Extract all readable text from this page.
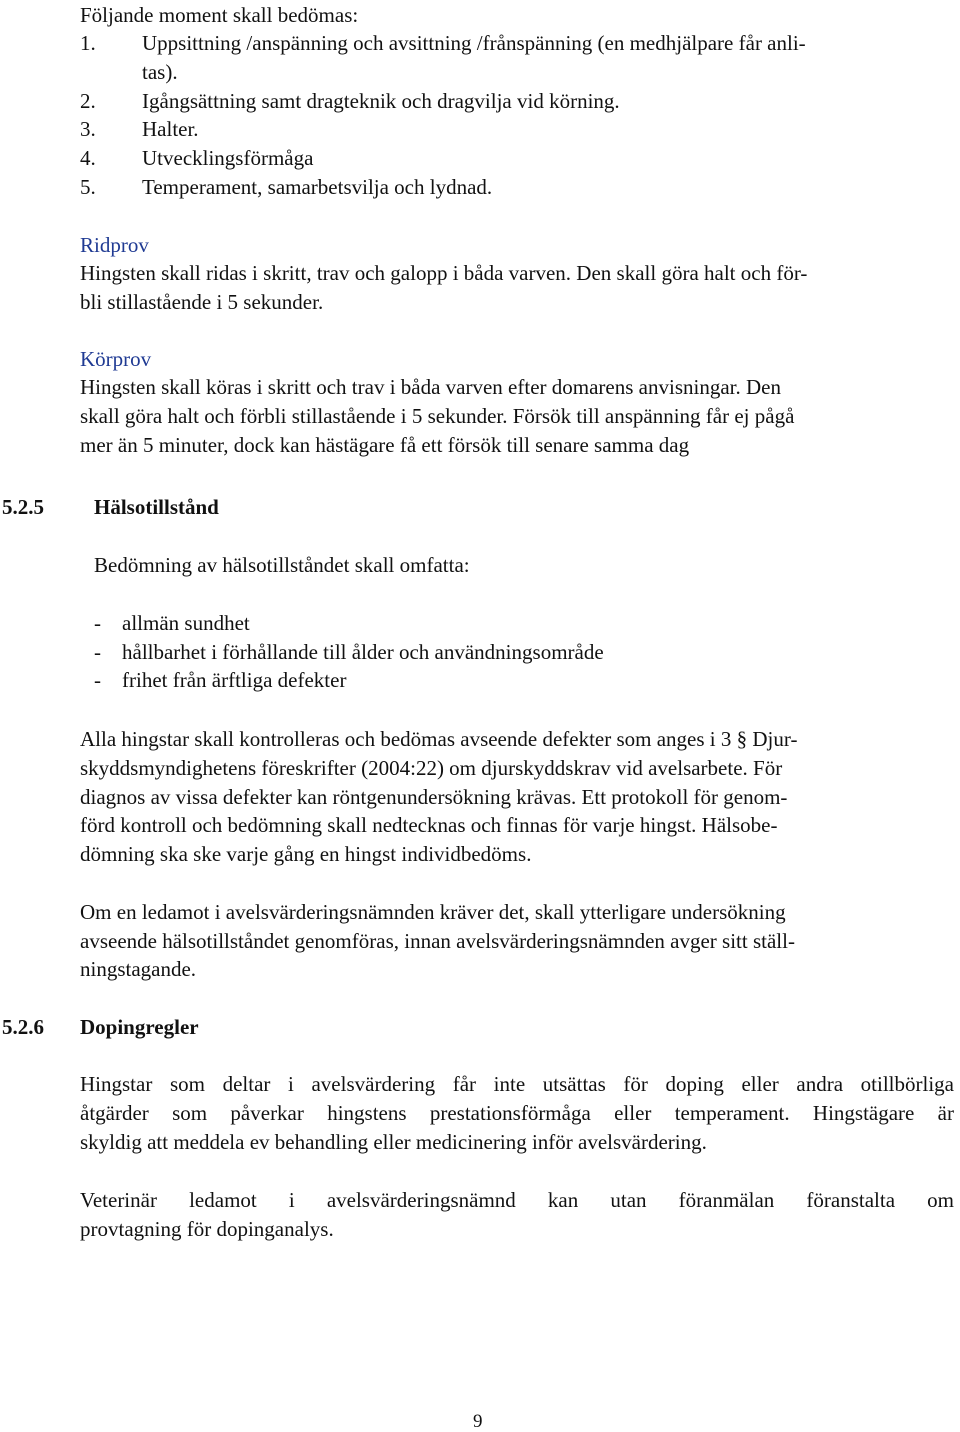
Följande moment skall bedömas:
1. Uppsittning /anspänning och avsittning /frånspänning (en medhjälpare får anli-
tas).
2. Igångsättning samt dragteknik och dragvilja vid körning.
3. Halter.
4. Utvecklingsförmåga
5. Temperament, samarbetsvilja och lydnad.
Ridprov
Hingsten skall ridas i skritt, trav och galopp i båda varven. Den skall göra halt och för-
bli stillastående i 5 sekunder.
Körprov
Hingsten skall köras i skritt och trav i båda varven efter domarens anvisningar. Den
skall göra halt och förbli stillastående i 5 sekunder. Försök till anspänning får ej pågå
mer än 5 minuter, dock kan hästägare få ett försök till senare samma dag
5.2.5 Hälsotillstånd
Bedömning av hälsotillståndet skall omfatta:
- allmän sundhet
- hållbarhet i förhållande till ålder och användningsområde
- frihet från ärftliga defekter
Alla hingstar skall kontrolleras och bedömas avseende defekter som anges i 3 § Djur-
skyddsmyndighetens föreskrifter (2004:22) om djurskyddskrav vid avelsarbete. För
diagnos av vissa defekter kan röntgenundersökning krävas. Ett protokoll för genom-
förd kontroll och bedömning skall nedtecknas och finnas för varje hingst. Hälsobe-
dömning ska ske varje gång en hingst individbedöms.
Om en ledamot i avelsvärderingsnämnden kräver det, skall ytterligare undersökning
avseende hälsotillståndet genomföras, innan avelsvärderingsnämnden avger sitt ställ-
ningstagande.
5.2.6 Dopingregler
Hingstar som deltar i avelsvärdering får inte utsättas för doping eller andra otillbörliga
åtgärder som påverkar hingstens prestationsförmåga eller temperament. Hingstägare är
skyldig att meddela ev behandling eller medicinering inför avelsvärdering.
Veterinär ledamot i avelsvärderingsnämnd kan utan föranmälan föranstalta om
provtagning för dopinganalys.
9
